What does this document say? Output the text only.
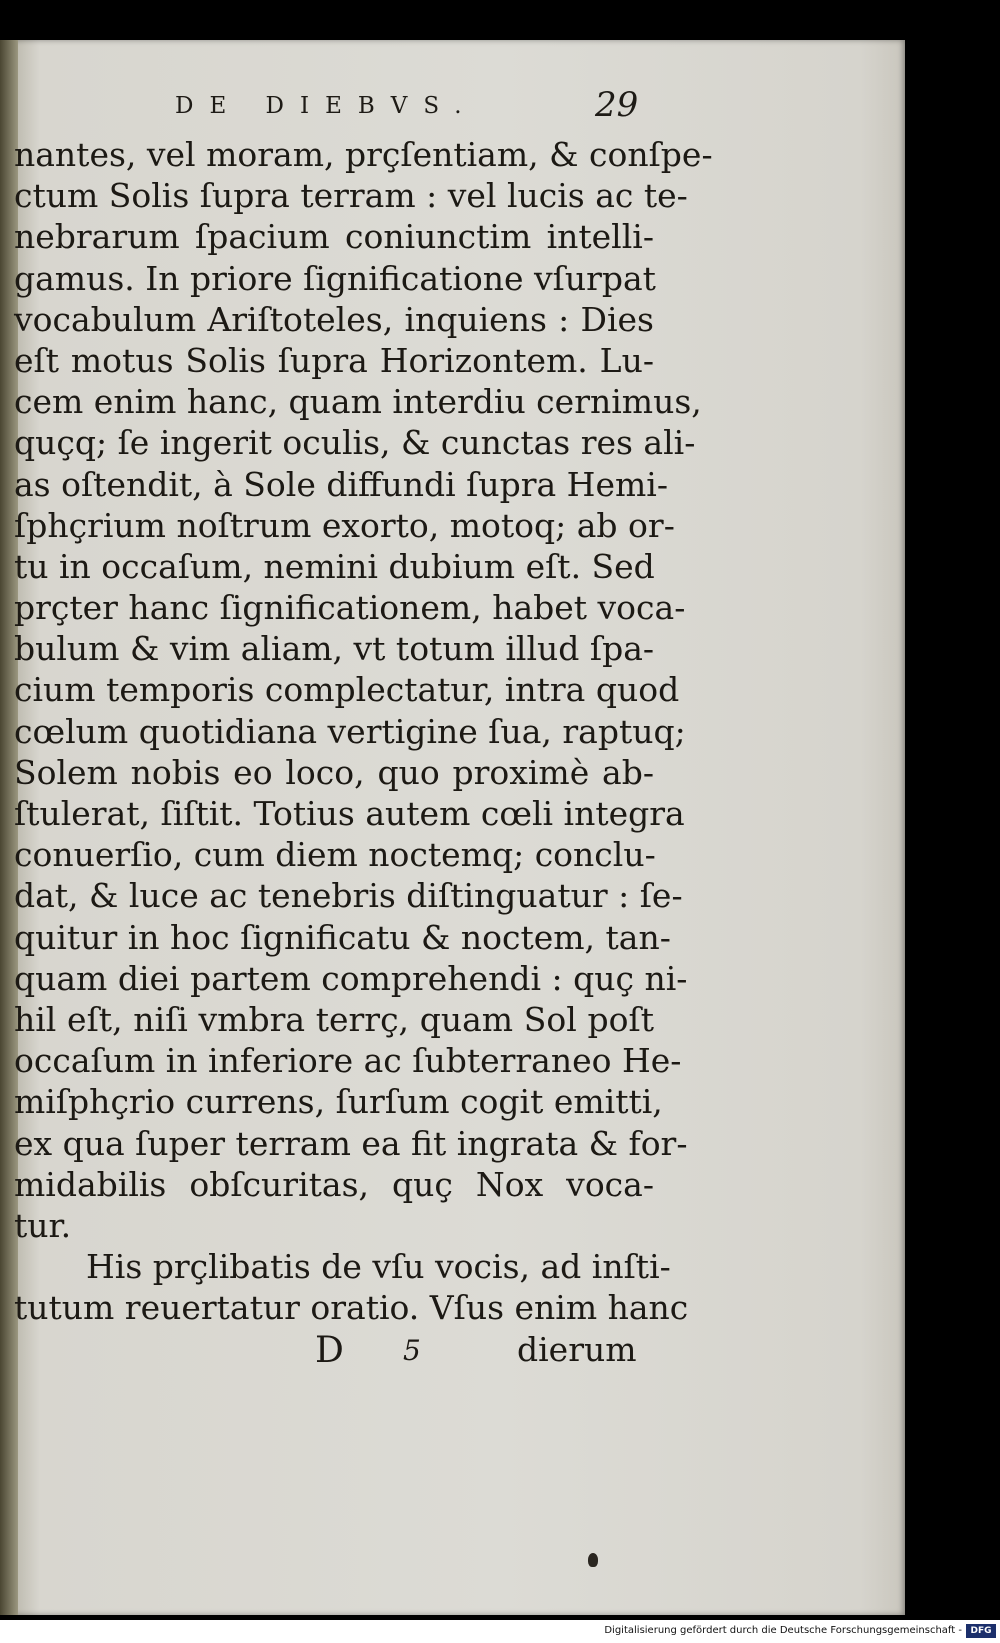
DE DIEBVS.	29
nantes, vel moram, prçſentiam, & conſpe-
ctum Solis ſupra terram : vel lucis ac te-
nebrarum ſpacium coniunctim intelli-
gamus. In priore ſignificatione vſurpat
vocabulum Ariſtoteles, inquiens : Dies
eſt motus Solis ſupra Horizontem. Lu-
cem enim hanc, quam interdiu cernimus,
quçq; ſe ingerit oculis, & cunctas res ali-
as oſtendit, à Sole diffundi ſupra Hemi-
ſphçrium noſtrum exorto, motoq; ab or-
tu in occaſum, nemini dubium eſt. Sed
prçter hanc ſignificationem, habet voca-
bulum & vim aliam, vt totum illud ſpa-
cium temporis complectatur, intra quod
cœlum quotidiana vertigine ſua, raptuq;
Solem nobis eo loco, quo proximè ab-
ſtulerat, ſiſtit. Totius autem cœli integra
conuerſio, cum diem noctemq; conclu-
dat, & luce ac tenebris diſtinguatur : ſe-
quitur in hoc ſignificatu & noctem, tan-
quam diei partem comprehendi : quç ni-
hil eſt, niſi vmbra terrç, quam Sol poſt
occaſum in inferiore ac ſubterraneo He-
miſphçrio currens, ſurſum cogit emitti,
ex qua ſuper terram ea fit ingrata & for-
midabilis obſcuritas, quç Nox voca-
tur.
His prçlibatis de vſu vocis, ad inſti-
tutum reuertatur oratio. Vſus enim hanc
D 5	dierum
Digitalisierung gefördert durch die Deutsche Forschungsgemeinschaft - DFG
